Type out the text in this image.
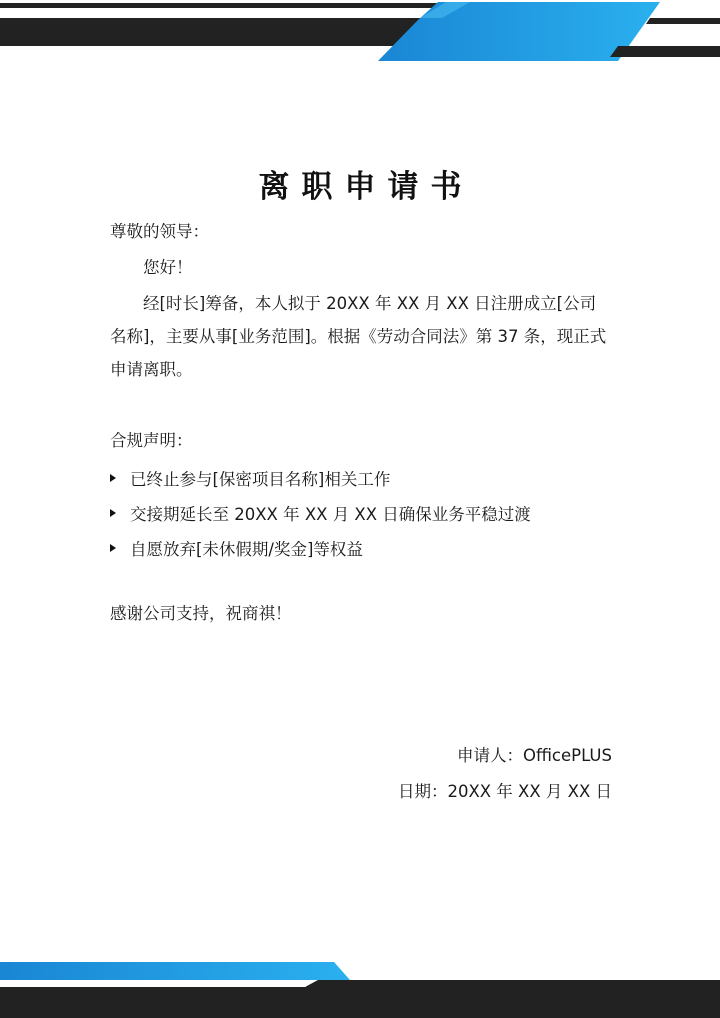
离职申请书
尊敬的领导：
您好！
经[时长]筹备，本人拟于 20XX 年 XX 月 XX 日注册成立[公司名称]，主要从事[业务范围]。根据《劳动合同法》第 37 条，现正式申请离职。
合规声明：
已终止参与[保密项目名称]相关工作
交接期延长至 20XX 年 XX 月 XX 日确保业务平稳过渡
自愿放弃[未休假期/奖金]等权益
感谢公司支持，祝商祺！
申请人：OfficePLUS
日期：20XX 年 XX 月 XX 日
